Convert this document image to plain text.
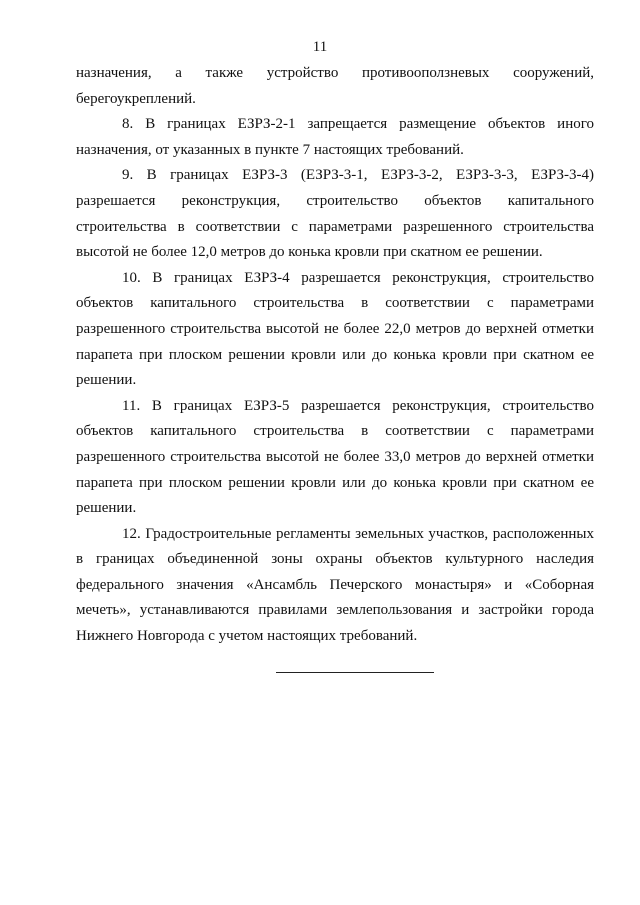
11

назначения, а также устройство противооползневых сооружений, берегоукреплений.

8. В границах ЕЗРЗ-2-1 запрещается размещение объектов иного назначения, от указанных в пункте 7 настоящих требований.

9. В границах ЕЗРЗ-3 (ЕЗРЗ-3-1, ЕЗРЗ-3-2, ЕЗРЗ-3-3, ЕЗРЗ-3-4) разрешается реконструкция, строительство объектов капитального строительства в соответствии с параметрами разрешенного строительства высотой не более 12,0 метров до конька кровли при скатном ее решении.

10. В границах ЕЗРЗ-4 разрешается реконструкция, строительство объектов капитального строительства в соответствии с параметрами разрешенного строительства высотой не более 22,0 метров до верхней отметки парапета при плоском решении кровли или до конька кровли при скатном ее решении.

11. В границах ЕЗРЗ-5 разрешается реконструкция, строительство объектов капитального строительства в соответствии с параметрами разрешенного строительства высотой не более 33,0 метров до верхней отметки парапета при плоском решении кровли или до конька кровли при скатном ее решении.

12. Градостроительные регламенты земельных участков, расположенных в границах объединенной зоны охраны объектов культурного наследия федерального значения «Ансамбль Печерского монастыря» и «Соборная мечеть», устанавливаются правилами землепользования и застройки города Нижнего Новгорода с учетом настоящих требований.
